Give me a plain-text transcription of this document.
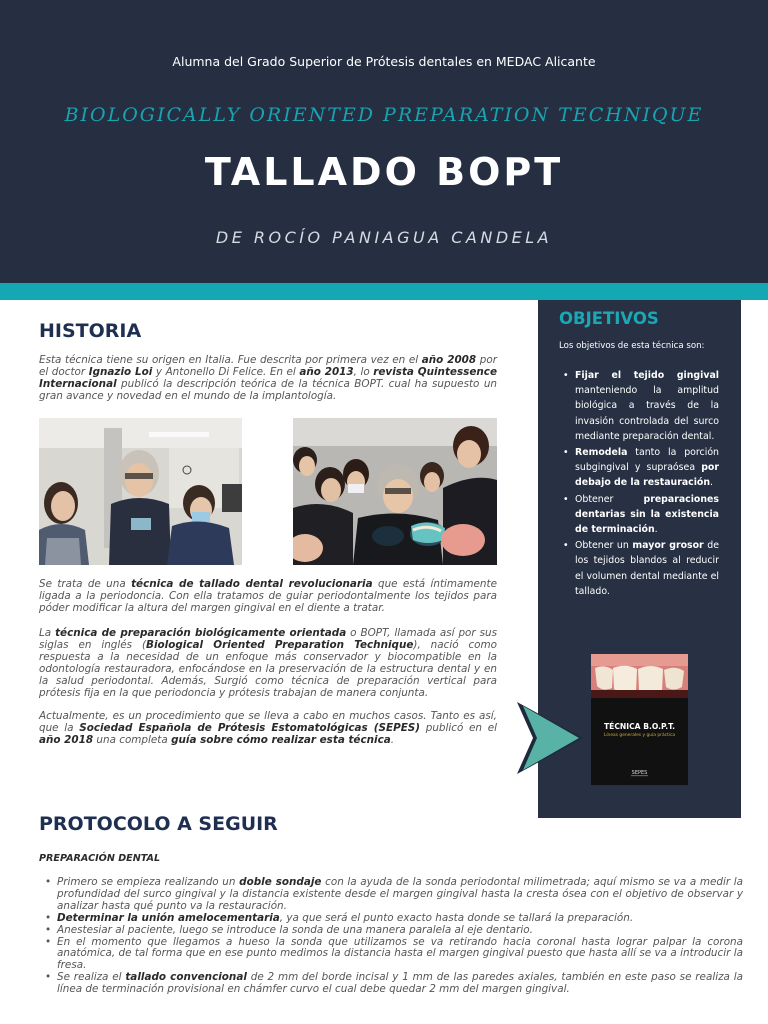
Alumna del Grado Superior de Prótesis dentales en MEDAC Alicante
BIOLOGICALLY ORIENTED PREPARATION TECHNIQUE
TALLADO BOPT
DE ROCÍO PANIAGUA CANDELA
HISTORIA

Esta técnica tiene su origen en Italia. Fue descrita por primera vez en el año 2008 por el doctor Ignazio Loi y Antonello Di Felice. En el año 2013, lo revista Quintessence Internacional publicó la descripción teórica de la técnica BOPT. cual ha supuesto un gran avance y novedad en el mundo de la implantología.

Se trata de una técnica de tallado dental revolucionaria que está íntimamente ligada a la periodoncia. Con ella tratamos de guiar periodontalmente los tejidos para póder modificar la altura del margen gingival en el diente a tratar.

La técnica de preparación biológicamente orientada o BOPT, llamada así por sus siglas en inglés (Biological Oriented Preparation Technique), nació como respuesta a la necesidad de un enfoque más conservador y biocompatible en la odontología restauradora, enfocándose en la preservación de la estructura dental y en la salud periodontal. Además, Surgió como técnica de preparación vertical para prótesis fija en la que periodoncia y prótesis trabajan de manera conjunta.

Actualmente, es un procedimiento que se lleva a cabo en muchos casos. Tanto es así, que la Sociedad Española de Prótesis Estomatológicas (SEPES) publicó en el año 2018 una completa guía sobre cómo realizar esta técnica.

OBJETIVOS
Los objetivos de esta técnica son:
• Fijar el tejido gingival manteniendo la amplitud biológica a través de la invasión controlada del surco mediante preparación dental.
• Remodela tanto la porción subgingival y supraósea por debajo de la restauración.
• Obtener preparaciones dentarias sin la existencia de terminación.
• Obtener un mayor grosor de los tejidos blandos al reducir el volumen dental mediante el tallado.
TÉCNICA B.O.P.T.
Líneas generales y guía práctica
SEPES
PROTOCOLO A SEGUIR
PREPARACIÓN DENTAL
• Primero se empieza realizando un doble sondaje con la ayuda de la sonda periodontal milimetrada; aquí mismo se va a medir la profundidad del surco gingival y la distancia existente desde el margen gingival hasta la cresta ósea con el objetivo de observar y analizar hasta qué punto va la restauración.
• Determinar la unión amelocementaria, ya que será el punto exacto hasta donde se tallará la preparación.
• Anestesiar al paciente, luego se introduce la sonda de una manera paralela al eje dentario.
• En el momento que llegamos a hueso la sonda que utilizamos se va retirando hacia coronal hasta lograr palpar la corona anatómica, de tal forma que en ese punto medimos la distancia hasta el margen gingival puesto que hasta allí se va a introducir la fresa.
• Se realiza el tallado convencional de 2 mm del borde incisal y 1 mm de las paredes axiales, también en este paso se realiza la línea de terminación provisional en chámfer curvo el cual debe quedar 2 mm del margen gingival.
